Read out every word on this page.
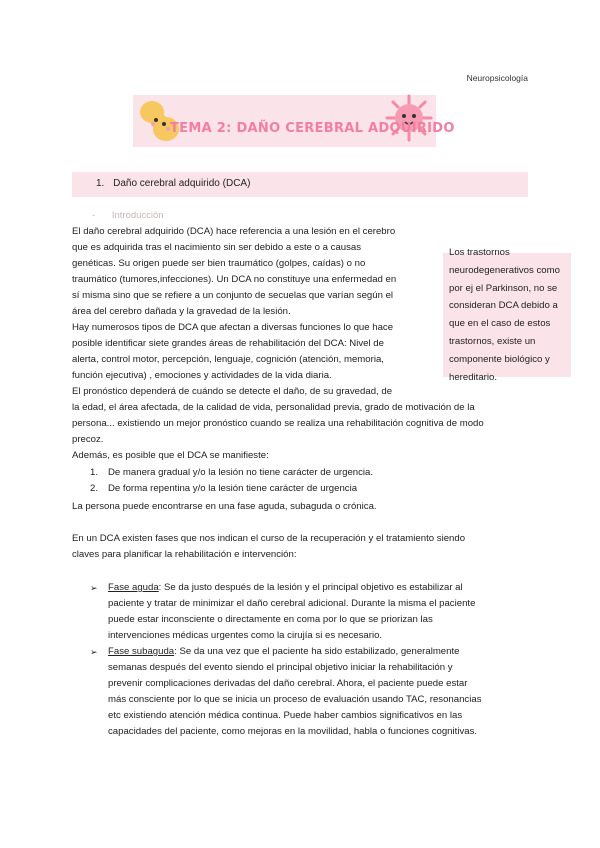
Neuropsicología
TEMA 2: DAÑO CEREBRAL ADQUIRIDO
1. Daño cerebral adquirido (DCA)
- Introducción
Los trastornos neurodegenerativos como por ej el Parkinson, no se consideran DCA debido a que en el caso de estos trastornos, existe un componente biológico y hereditario.
El daño cerebral adquirido (DCA) hace referencia a una lesión en el cerebro
que es adquirida tras el nacimiento sin ser debido a este o a causas
genéticas. Su origen puede ser bien traumático (golpes, caídas) o no
traumático (tumores,infecciones). Un DCA no constituye una enfermedad en
sí misma sino que se refiere a un conjunto de secuelas que varían según el
área del cerebro dañada y la gravedad de la lesión.
Hay numerosos tipos de DCA que afectan a diversas funciones lo que hace
posible identificar siete grandes áreas de rehabilitación del DCA: Nivel de
alerta, control motor, percepción, lenguaje, cognición (atención, memoria,
función ejecutiva) , emociones y actividades de la vida diaria.
El pronóstico dependerá de cuándo se detecte el daño, de su gravedad, de
la edad, el área afectada, de la calidad de vida, personalidad previa, grado de motivación de la
persona... existiendo un mejor pronóstico cuando se realiza una rehabilitación cognitiva de modo
precoz.
Además, es posible que el DCA se manifieste:
1. De manera gradual y/o la lesión no tiene carácter de urgencia.
2. De forma repentina y/o la lesión tiene carácter de urgencia
La persona puede encontrarse en una fase aguda, subaguda o crónica.
En un DCA existen fases que nos indican el curso de la recuperación y el tratamiento siendo
claves para planificar la rehabilitación e intervención:
➢ Fase aguda: Se da justo después de la lesión y el principal objetivo es estabilizar al
paciente y tratar de minimizar el daño cerebral adicional. Durante la misma el paciente
puede estar inconsciente o directamente en coma por lo que se priorizan las
intervenciones médicas urgentes como la cirujía si es necesario.
➢ Fase subaguda: Se da una vez que el paciente ha sido estabilizado, generalmente
semanas después del evento siendo el principal objetivo iniciar la rehabilitación y
prevenir complicaciones derivadas del daño cerebral. Ahora, el paciente puede estar
más consciente por lo que se inicia un proceso de evaluación usando TAC, resonancias
etc existiendo atención médica continua. Puede haber cambios significativos en las
capacidades del paciente, como mejoras en la movilidad, habla o funciones cognitivas.
